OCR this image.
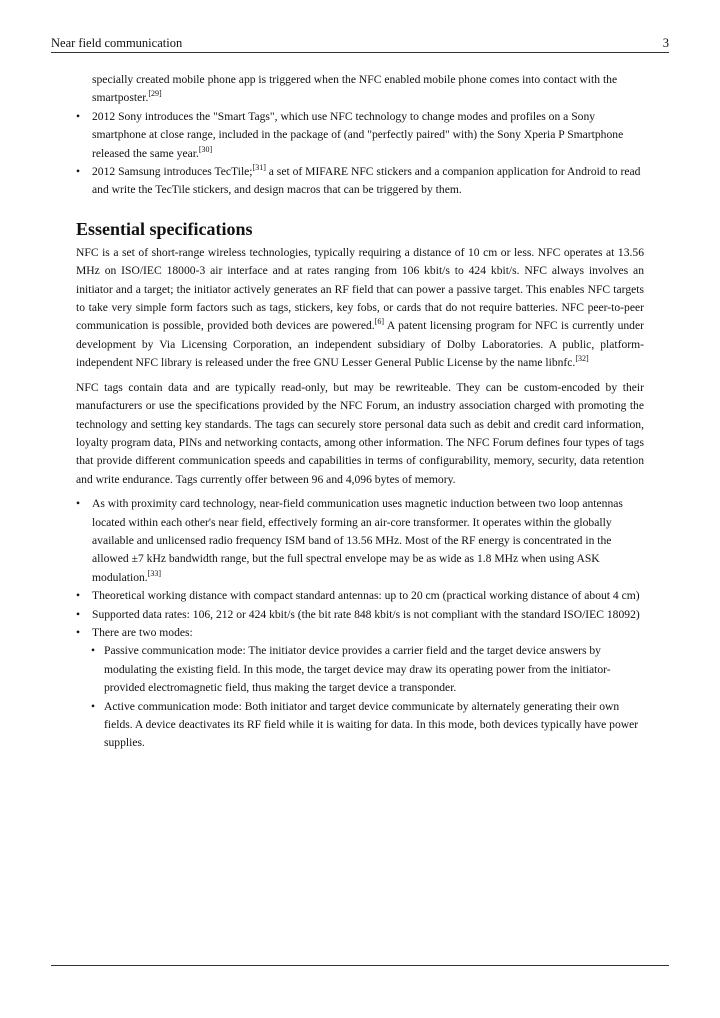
Near field communication	3
specially created mobile phone app is triggered when the NFC enabled mobile phone comes into contact with the smartposter.[29]
• 2012 Sony introduces the "Smart Tags", which use NFC technology to change modes and profiles on a Sony smartphone at close range, included in the package of (and "perfectly paired" with) the Sony Xperia P Smartphone released the same year.[30]
• 2012 Samsung introduces TecTile;[31] a set of MIFARE NFC stickers and a companion application for Android to read and write the TecTile stickers, and design macros that can be triggered by them.
Essential specifications

NFC is a set of short-range wireless technologies, typically requiring a distance of 10 cm or less. NFC operates at 13.56 MHz on ISO/IEC 18000-3 air interface and at rates ranging from 106 kbit/s to 424 kbit/s. NFC always involves an initiator and a target; the initiator actively generates an RF field that can power a passive target. This enables NFC targets to take very simple form factors such as tags, stickers, key fobs, or cards that do not require batteries. NFC peer-to-peer communication is possible, provided both devices are powered.[6] A patent licensing program for NFC is currently under development by Via Licensing Corporation, an independent subsidiary of Dolby Laboratories. A public, platform-independent NFC library is released under the free GNU Lesser General Public License by the name libnfc.[32]

NFC tags contain data and are typically read-only, but may be rewriteable. They can be custom-encoded by their manufacturers or use the specifications provided by the NFC Forum, an industry association charged with promoting the technology and setting key standards. The tags can securely store personal data such as debit and credit card information, loyalty program data, PINs and networking contacts, among other information. The NFC Forum defines four types of tags that provide different communication speeds and capabilities in terms of configurability, memory, security, data retention and write endurance. Tags currently offer between 96 and 4,096 bytes of memory.

• As with proximity card technology, near-field communication uses magnetic induction between two loop antennas located within each other's near field, effectively forming an air-core transformer. It operates within the globally available and unlicensed radio frequency ISM band of 13.56 MHz. Most of the RF energy is concentrated in the allowed ±7 kHz bandwidth range, but the full spectral envelope may be as wide as 1.8 MHz when using ASK modulation.[33]
• Theoretical working distance with compact standard antennas: up to 20 cm (practical working distance of about 4 cm)
• Supported data rates: 106, 212 or 424 kbit/s (the bit rate 848 kbit/s is not compliant with the standard ISO/IEC 18092)
• There are two modes:
• Passive communication mode: The initiator device provides a carrier field and the target device answers by modulating the existing field. In this mode, the target device may draw its operating power from the initiator-provided electromagnetic field, thus making the target device a transponder.
• Active communication mode: Both initiator and target device communicate by alternately generating their own fields. A device deactivates its RF field while it is waiting for data. In this mode, both devices typically have power supplies.
